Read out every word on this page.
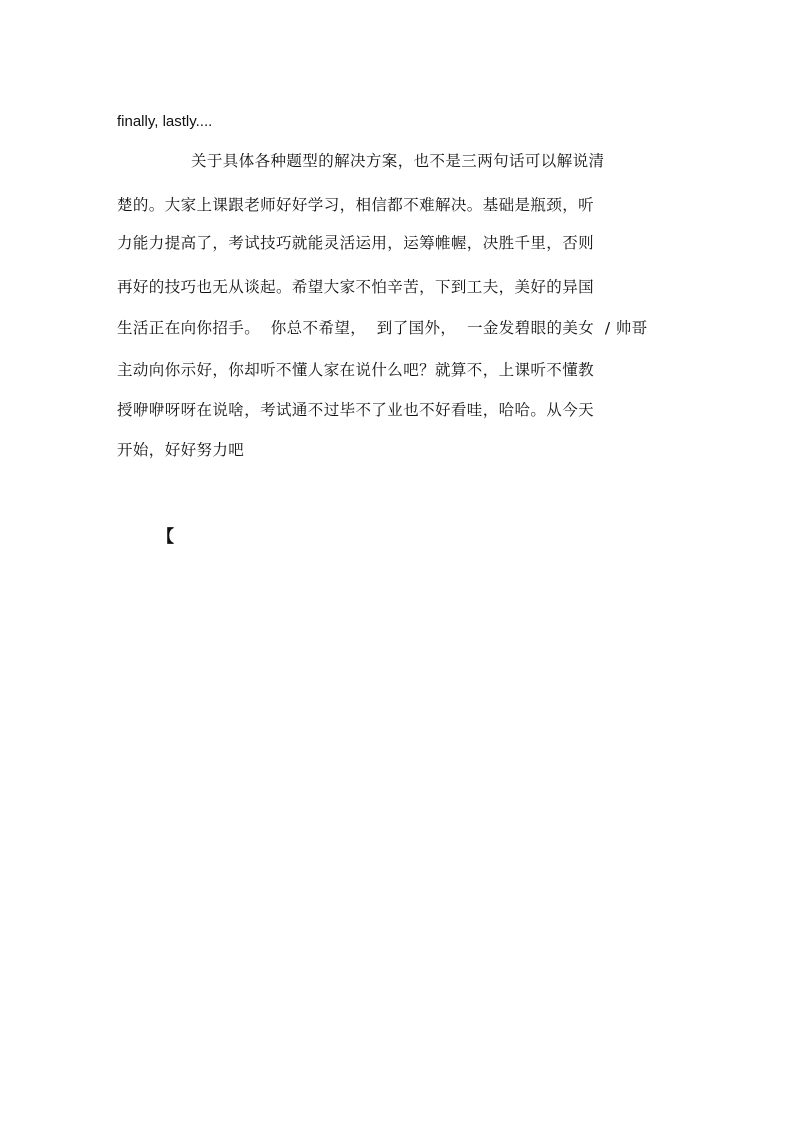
finally, lastly....
关于具体各种题型的解决方案，也不是三两句话可以解说清
楚的。大家上课跟老师好好学习，相信都不难解决。基础是瓶颈，听
力能力提高了，考试技巧就能灵活运用，运筹帷幄，决胜千里，否则
再好的技巧也无从谈起。希望大家不怕辛苦，下到工夫，美好的异国
生活正在向你招手。  你总不希望，  到了国外，  一金发碧眼的美女  / 帅哥
主动向你示好，你却听不懂人家在说什么吧？就算不，上课听不懂教
授咿咿呀呀在说啥，考试通不过毕不了业也不好看哇，哈哈。从今天
开始，好好努力吧
【
